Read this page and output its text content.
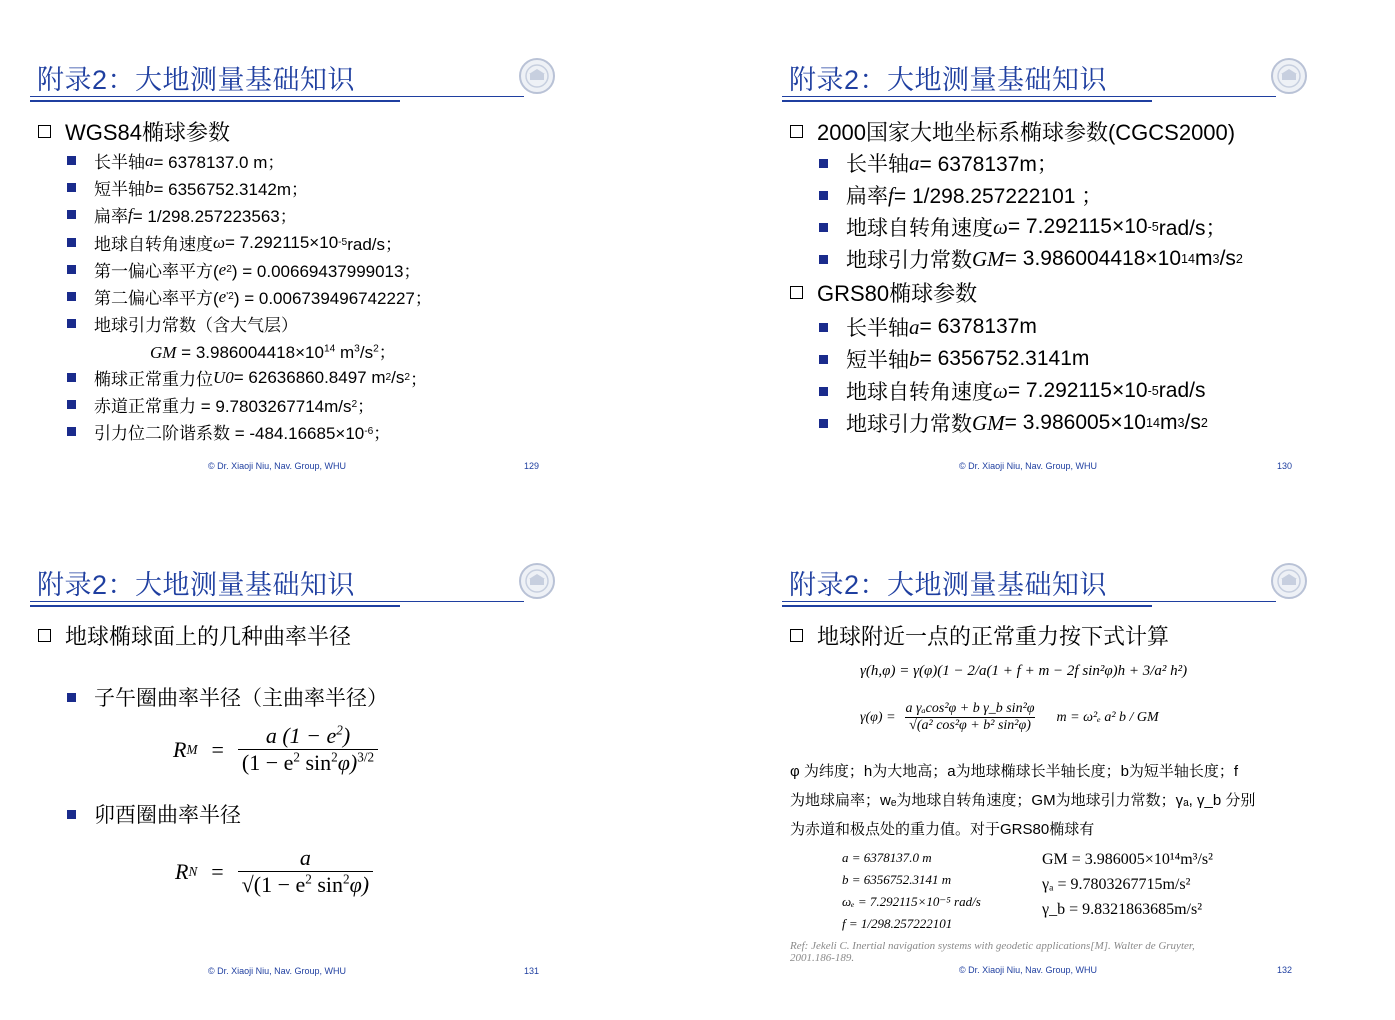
附录2：大地测量基础知识
WGS84椭球参数
长半轴 a = 6378137.0 m；
短半轴 b = 6356752.3142m；
扁率 f = 1/298.257223563；
地球自转角速度 ω = 7.292115×10 -5 rad/s；
第一偏心率平方( e 2 ) = 0.00669437999013；
第二偏心率平方( e '2 ) = 0.006739496742227；
地球引力常数（含大气层）
GM = $3.986004418\times 10^{14}$ $m^3/s^2$；
椭球正常重力位 U0 = 62636860.8497 m 2 /s 2 ；
赤道正常重力 = 9.7803267714m/s 2 ；
引力位二阶谐系数 = -484.16685×10 -6 ；
© Dr. Xiaoji Niu, Nav. Group, WHU	129
附录2：大地测量基础知识
2000国家大地坐标系椭球参数(CGCS2000)
长半轴 a = 6378137m；
扁率 f = 1/298.257222101 ；
地球自转角速度 ω = 7.292115×10 -5 rad/s；
地球引力常数 GM = 3.986004418×10 14 m 3 /s 2
GRS80椭球参数
长半轴 a = 6378137m
短半轴 b = 6356752.3141m
地球自转角速度 ω = 7.292115×10 -5 rad/s
地球引力常数 GM = 3.986005×10 14 m 3 /s 2
© Dr. Xiaoji Niu, Nav. Group, WHU	130
附录2：大地测量基础知识
地球椭球面上的几种曲率半径
子午圈曲率半径（主曲率半径）
R $M = \frac{a (1 - e^2)}{(1 - e^2 \sin^2\varphi)^{3/2}}$
卯酉圈曲率半径
R $N = \frac{a}{√(1 - e^2 \sin^2\varphi)}$
© Dr. Xiaoji Niu, Nav. Group, WHU	131
附录2：大地测量基础知识
地球附近一点的正常重力按下式计算
γ(h,φ) = γ(φ)(1 − 2/a(1 + f + m − 2f sin²φ)h + 3/a² h²)
$\gamma(\varphi) = \frac{\text{a γₐcos²φ + b γ\_b sin²φ}}{\text{√(a² cos²φ + b² sin²φ)}}$ m = ω²ₑ a² b / GM
φ 为纬度；h为大地高；a为地球椭球长半轴长度；b为短半轴长度；f
为地球扁率；wₑ为地球自转角速度；GM为地球引力常数；γₐ, γ_b 分别
为赤道和极点处的重力值。对于GRS80椭球有
a = 6378137.0 m
b = 6356752.3141 m
ωₑ = 7.292115×10⁻⁵ rad/s
f = 1/298.257222101
GM = 3.986005×10¹⁴m³/s²
γₐ = 9.7803267715m/s²
γ_b = 9.8321863685m/s²
Ref: Jekeli C. Inertial navigation systems with geodetic applications[M]. Walter de Gruyter,
2001.186-189.
© Dr. Xiaoji Niu, Nav. Group, WHU	132
